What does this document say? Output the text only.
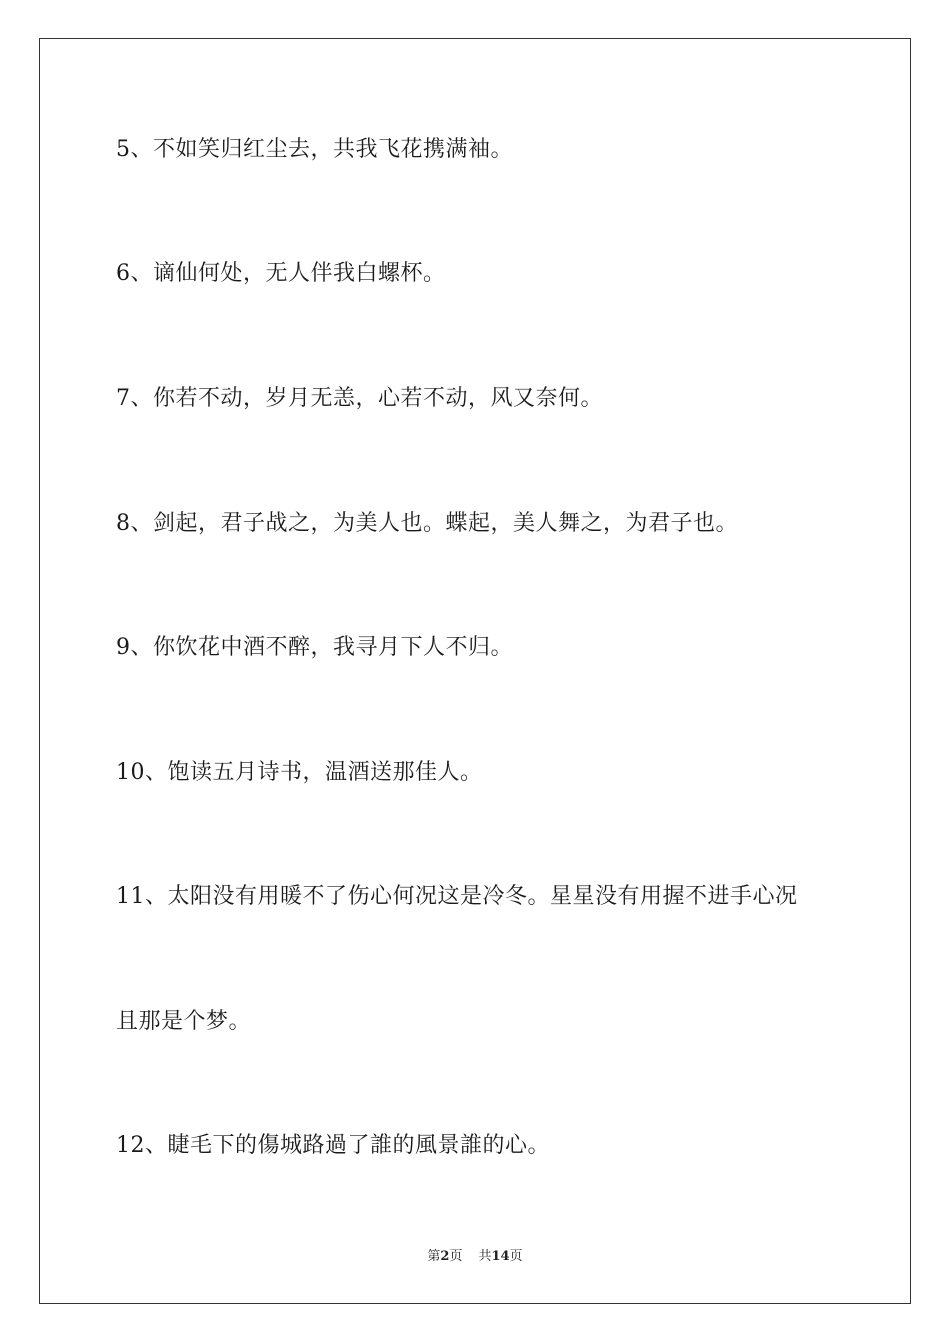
5、不如笑归红尘去，共我飞花携满袖。
6、谪仙何处，无人伴我白螺杯。
7、你若不动，岁月无恙，心若不动，风又奈何。
8、剑起，君子战之，为美人也。蝶起，美人舞之，为君子也。
9、你饮花中酒不醉，我寻月下人不归。
10、饱读五月诗书，温酒送那佳人。
11、太阳没有用暖不了伤心何况这是冷冬。星星没有用握不进手心况
且那是个梦。
12、睫毛下的傷城路過了誰的風景誰的心。
第2页 共14页
